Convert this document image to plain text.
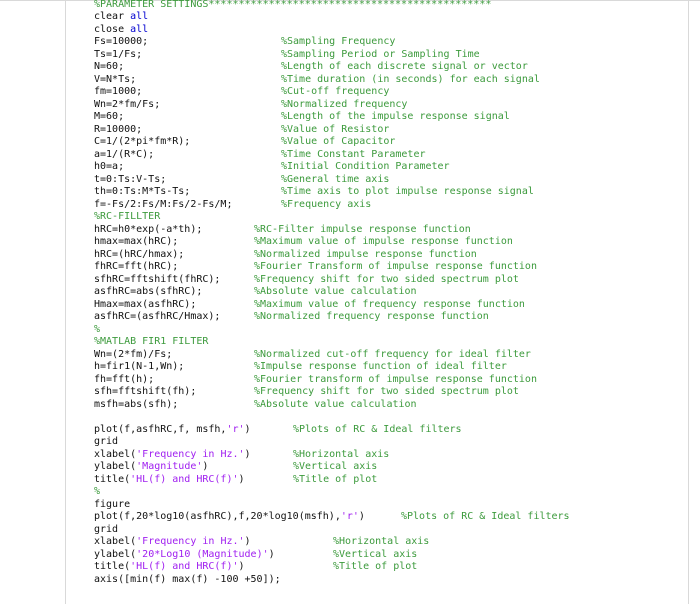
%PARAMETER SETTINGS***********************************************
clear all
close all
Fs=10000;	%Sampling Frequency
Ts=1/Fs;	%Sampling Period or Sampling Time
N=60;	%Length of each discrete signal or vector
V=N*Ts;	%Time duration (in seconds) for each signal
fm=1000;	%Cut-off frequency
Wn=2*fm/Fs;	%Normalized frequency
M=60;	%Length of the impulse response signal
R=10000;	%Value of Resistor
C=1/(2*pi*fm*R);	%Value of Capacitor
a=1/(R*C);	%Time Constant Parameter
h0=a;	%Initial Condition Parameter
t=0:Ts:V-Ts;	%General time axis
th=0:Ts:M*Ts-Ts;	%Time axis to plot impulse response signal
f=-Fs/2:Fs/M:Fs/2-Fs/M;	%Frequency axis
%RC-FILLTER
hRC=h0*exp(-a*th);	%RC-Filter impulse response function
hmax=max(hRC);	%Maximum value of impulse response function
hRC=(hRC/hmax);	%Normalized impulse response function
fhRC=fft(hRC);	%Fourier Transform of impulse response function
sfhRC=fftshift(fhRC);	%Frequency shift for two sided spectrum plot
asfhRC=abs(sfhRC);	%Absolute value calculation
Hmax=max(asfhRC);	%Maximum value of frequency response function
asfhRC=(asfhRC/Hmax);	%Normalized frequency response function
%
%MATLAB FIR1 FILTER
Wn=(2*fm)/Fs;	%Normalized cut-off frequency for ideal filter
h=fir1(N-1,Wn);	%Impulse response function of ideal filter
fh=fft(h);	%Fourier transform of impulse response function
sfh=fftshift(fh);	%Frequency shift for two sided spectrum plot
msfh=abs(sfh);	%Absolute value calculation
plot(f,asfhRC,f, msfh,'r')	%Plots of RC & Ideal filters
grid
xlabel('Frequency in Hz.')	%Horizontal axis
ylabel('Magnitude')	%Vertical axis
title('HL(f) and HRC(f)')	%Title of plot
%
figure
plot(f,20*log10(asfhRC),f,20*log10(msfh),'r')	%Plots of RC & Ideal filters
grid
xlabel('Frequency in Hz.')	%Horizontal axis
ylabel('20*Log10 (Magnitude)')	%Vertical axis
title('HL(f) and HRC(f)')	%Title of plot
axis([min(f) max(f) -100 +50]);
